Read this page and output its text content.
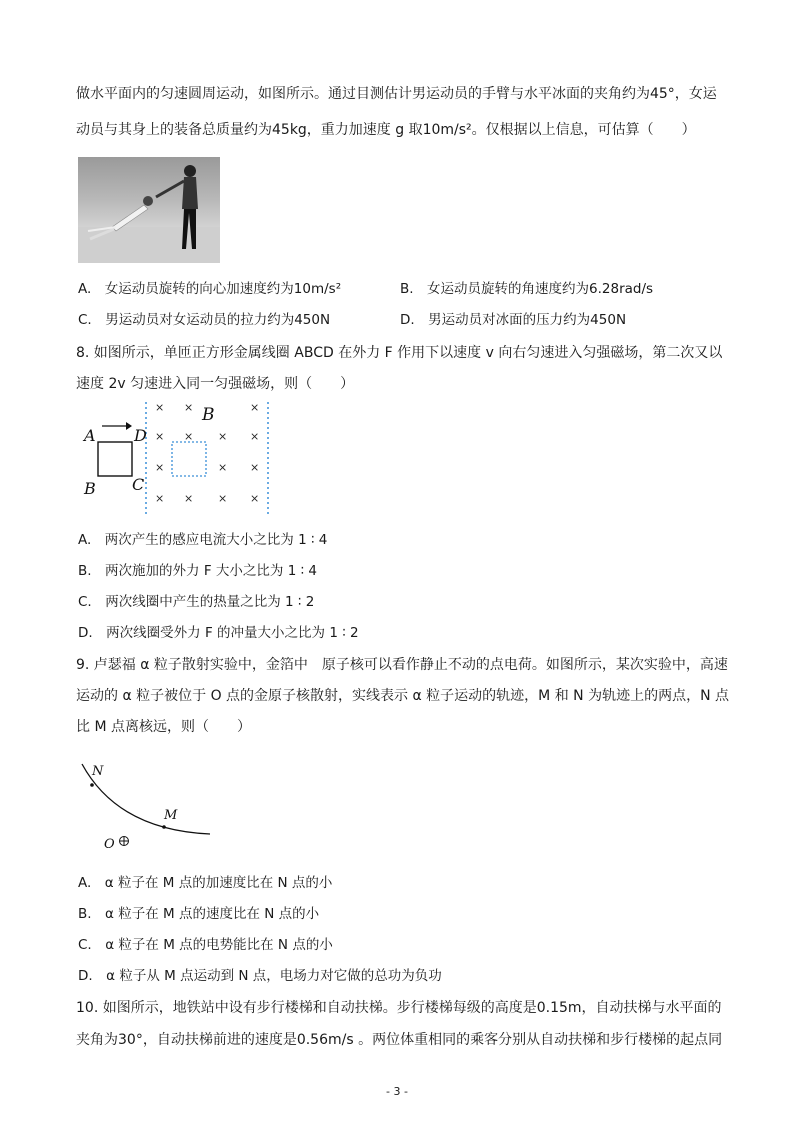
做水平面内的匀速圆周运动，如图所示。通过目测估计男运动员的手臂与水平冰面的夹角约为45°，女运
动员与其身上的装备总质量约为45kg，重力加速度 g 取10m/s²。仅根据以上信息，可估算（　　）
A.　女运动员旋转的向心加速度约为10m/s²	B.　女运动员旋转的角速度约为6.28rad/s
C.　男运动员对女运动员的拉力约为450N	D.　男运动员对冰面的压力约为450N
8. 如图所示，单匝正方形金属线圈 ABCD 在外力 F 作用下以速度 v 向右匀速进入匀强磁场，第二次又以
速度 2v 匀速进入同一匀强磁场，则（　　）
× ×	×
× × × ×
× ×
×
× × × ×
A D
B C
B
A.　两次产生的感应电流大小之比为 1 ∶ 4
B.　两次施加的外力 F 大小之比为 1 ∶ 4
C.　两次线圈中产生的热量之比为 1 ∶ 2
D.　两次线圈受外力 F 的冲量大小之比为 1 ∶ 2
9. 卢瑟福 α 粒子散射实验中，金箔中　原子核可以看作静止不动的点电荷。如图所示，某次实验中，高速
运动的 α 粒子被位于 O 点的金原子核散射，实线表示 α 粒子运动的轨迹，M 和 N 为轨迹上的两点，N 点
比 M 点离核远，则（　　）
N
M
O
A.　α 粒子在 M 点的加速度比在 N 点的小
B.　α 粒子在 M 点的速度比在 N 点的小
C.　α 粒子在 M 点的电势能比在 N 点的小
D.　α 粒子从 M 点运动到 N 点，电场力对它做的总功为负功
10. 如图所示，地铁站中设有步行楼梯和自动扶梯。步行楼梯每级的高度是0.15m，自动扶梯与水平面的
夹角为30°，自动扶梯前进的速度是0.56m/s 。两位体重相同的乘客分别从自动扶梯和步行楼梯的起点同
- 3 -
